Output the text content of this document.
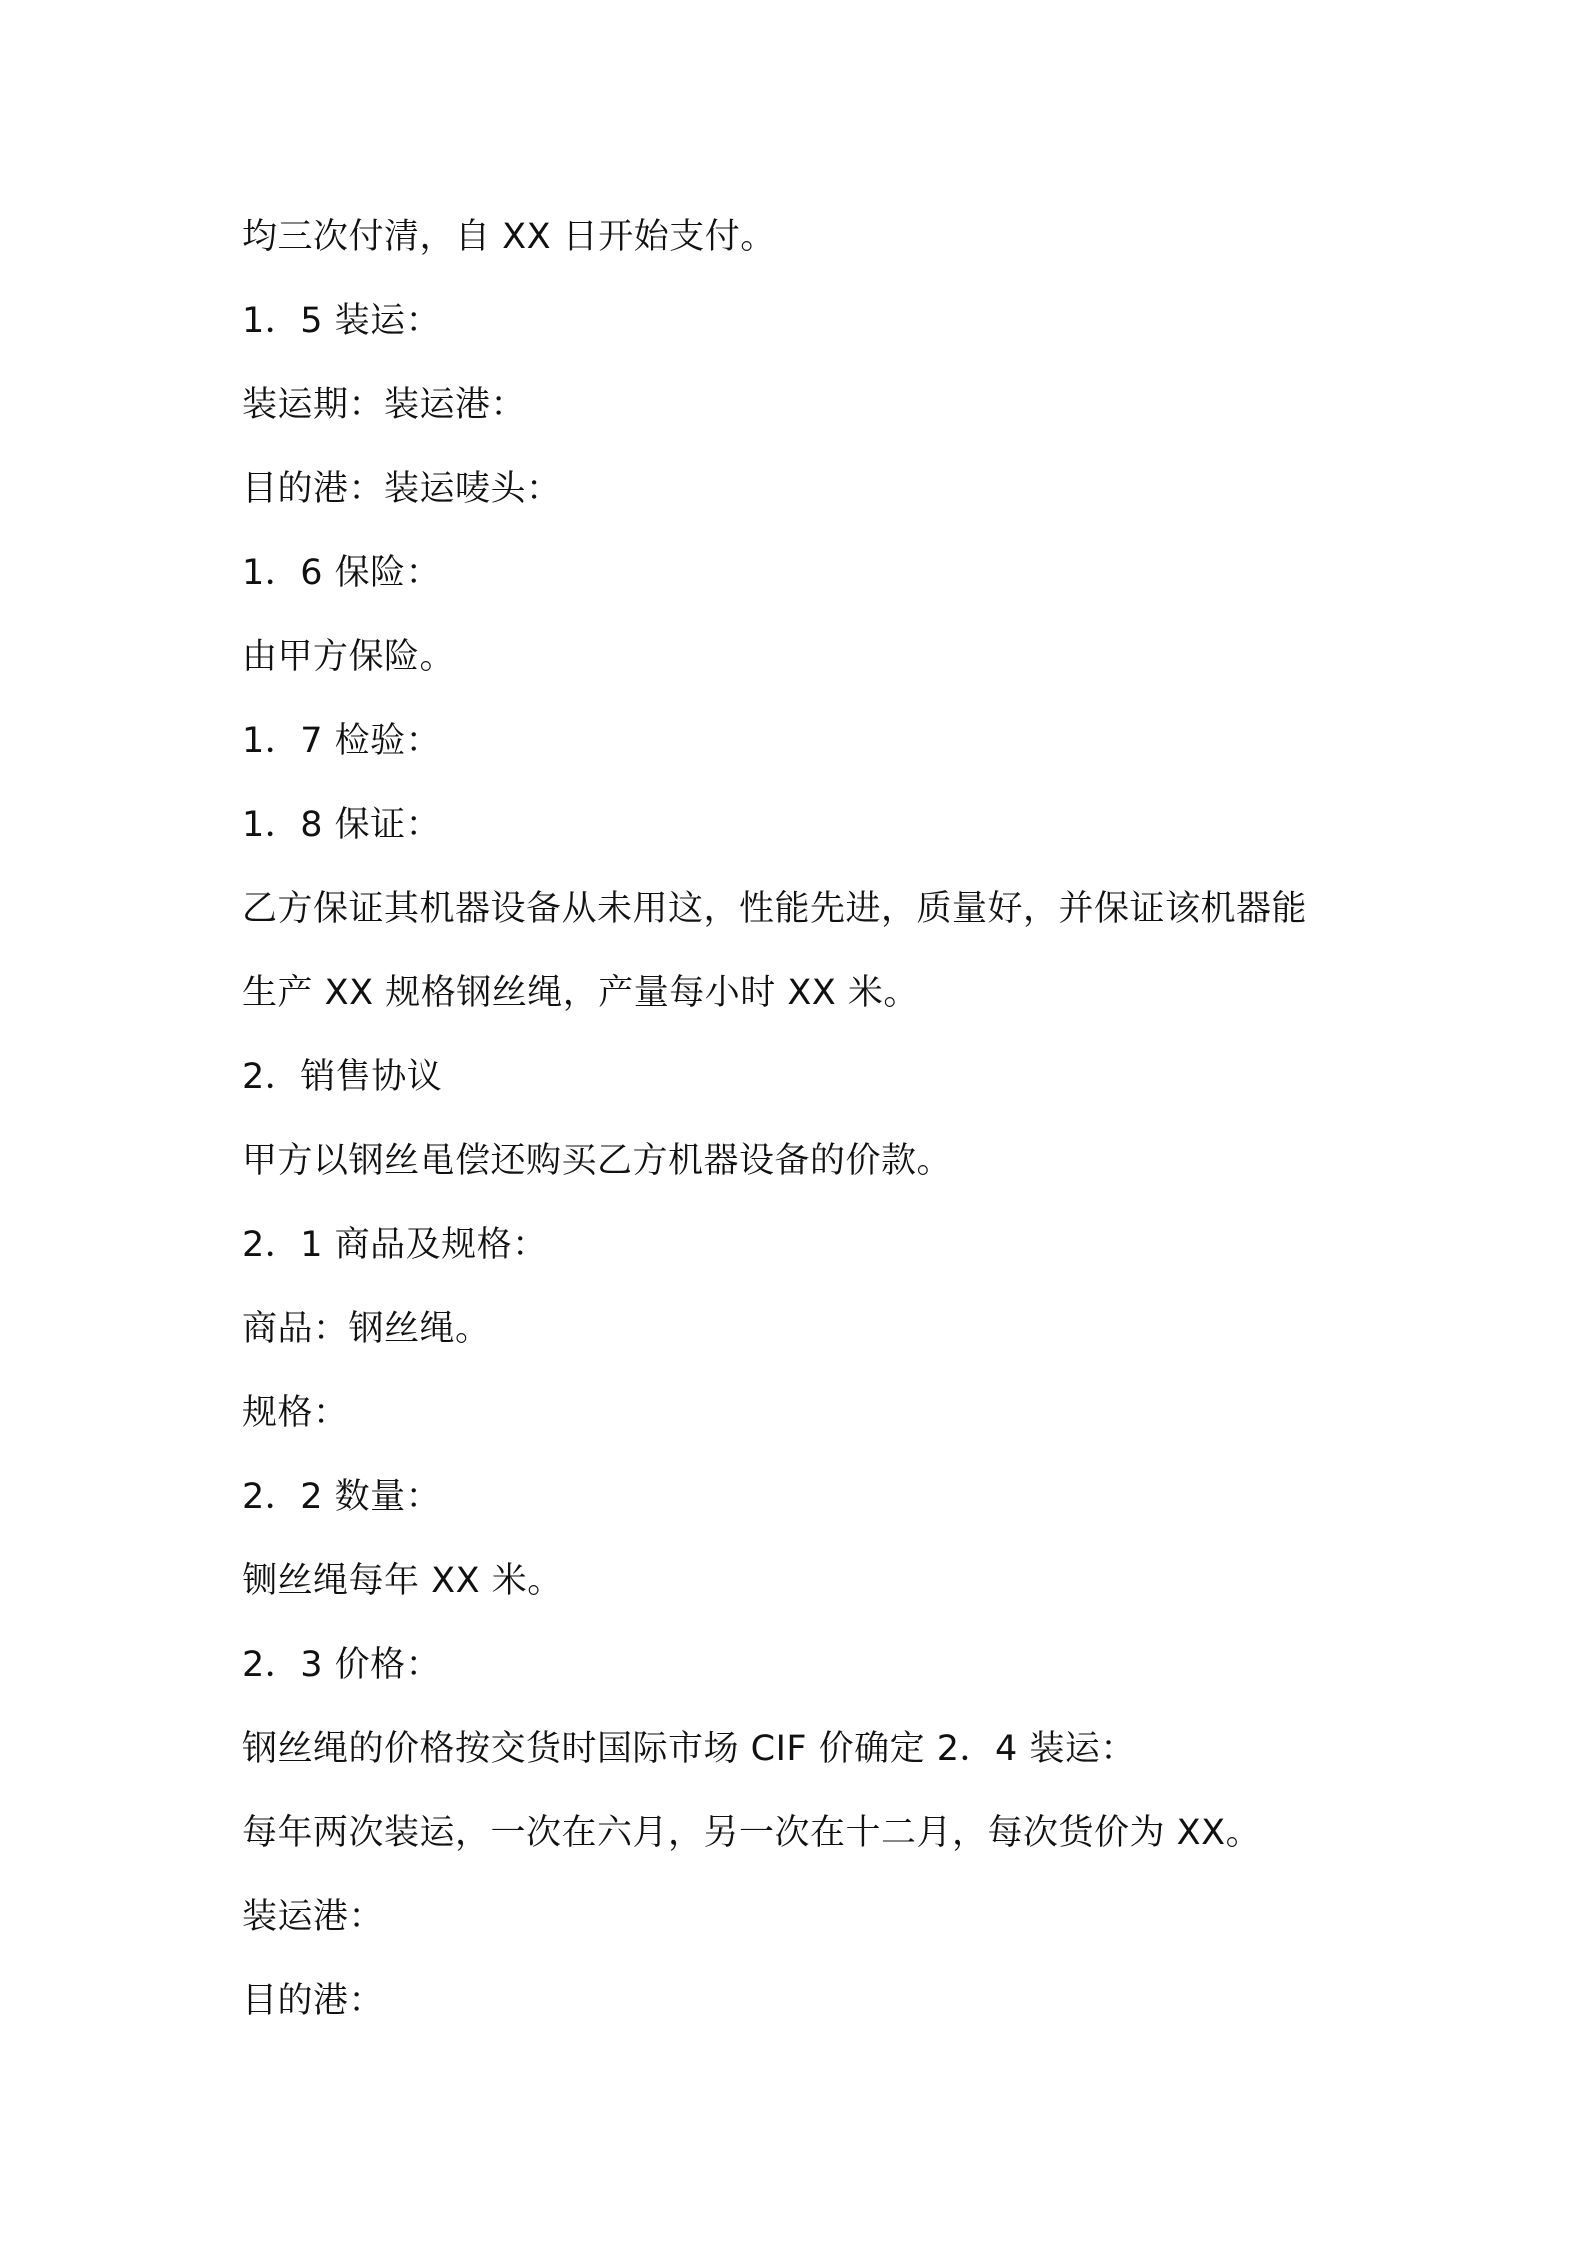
均三次付清，自 XX 日开始支付。
1．5 装运：
装运期：装运港：
目的港：装运唛头：
1．6 保险：
由甲方保险。
1．7 检验：
1．8 保证：
乙方保证其机器设备从未用这，性能先进，质量好，并保证该机器能
生产 XX 规格钢丝绳，产量每小时 XX 米。
2．销售协议
甲方以钢丝黾偿还购买乙方机器设备的价款。
2．1 商品及规格：
商品：钢丝绳。
规格：
2．2 数量：
铡丝绳每年 XX 米。
2．3 价格：
钢丝绳的价格按交货时国际市场 CIF 价确定 2．4 装运：
每年两次装运，一次在六月，另一次在十二月，每次货价为 XX。
装运港：
目的港：
